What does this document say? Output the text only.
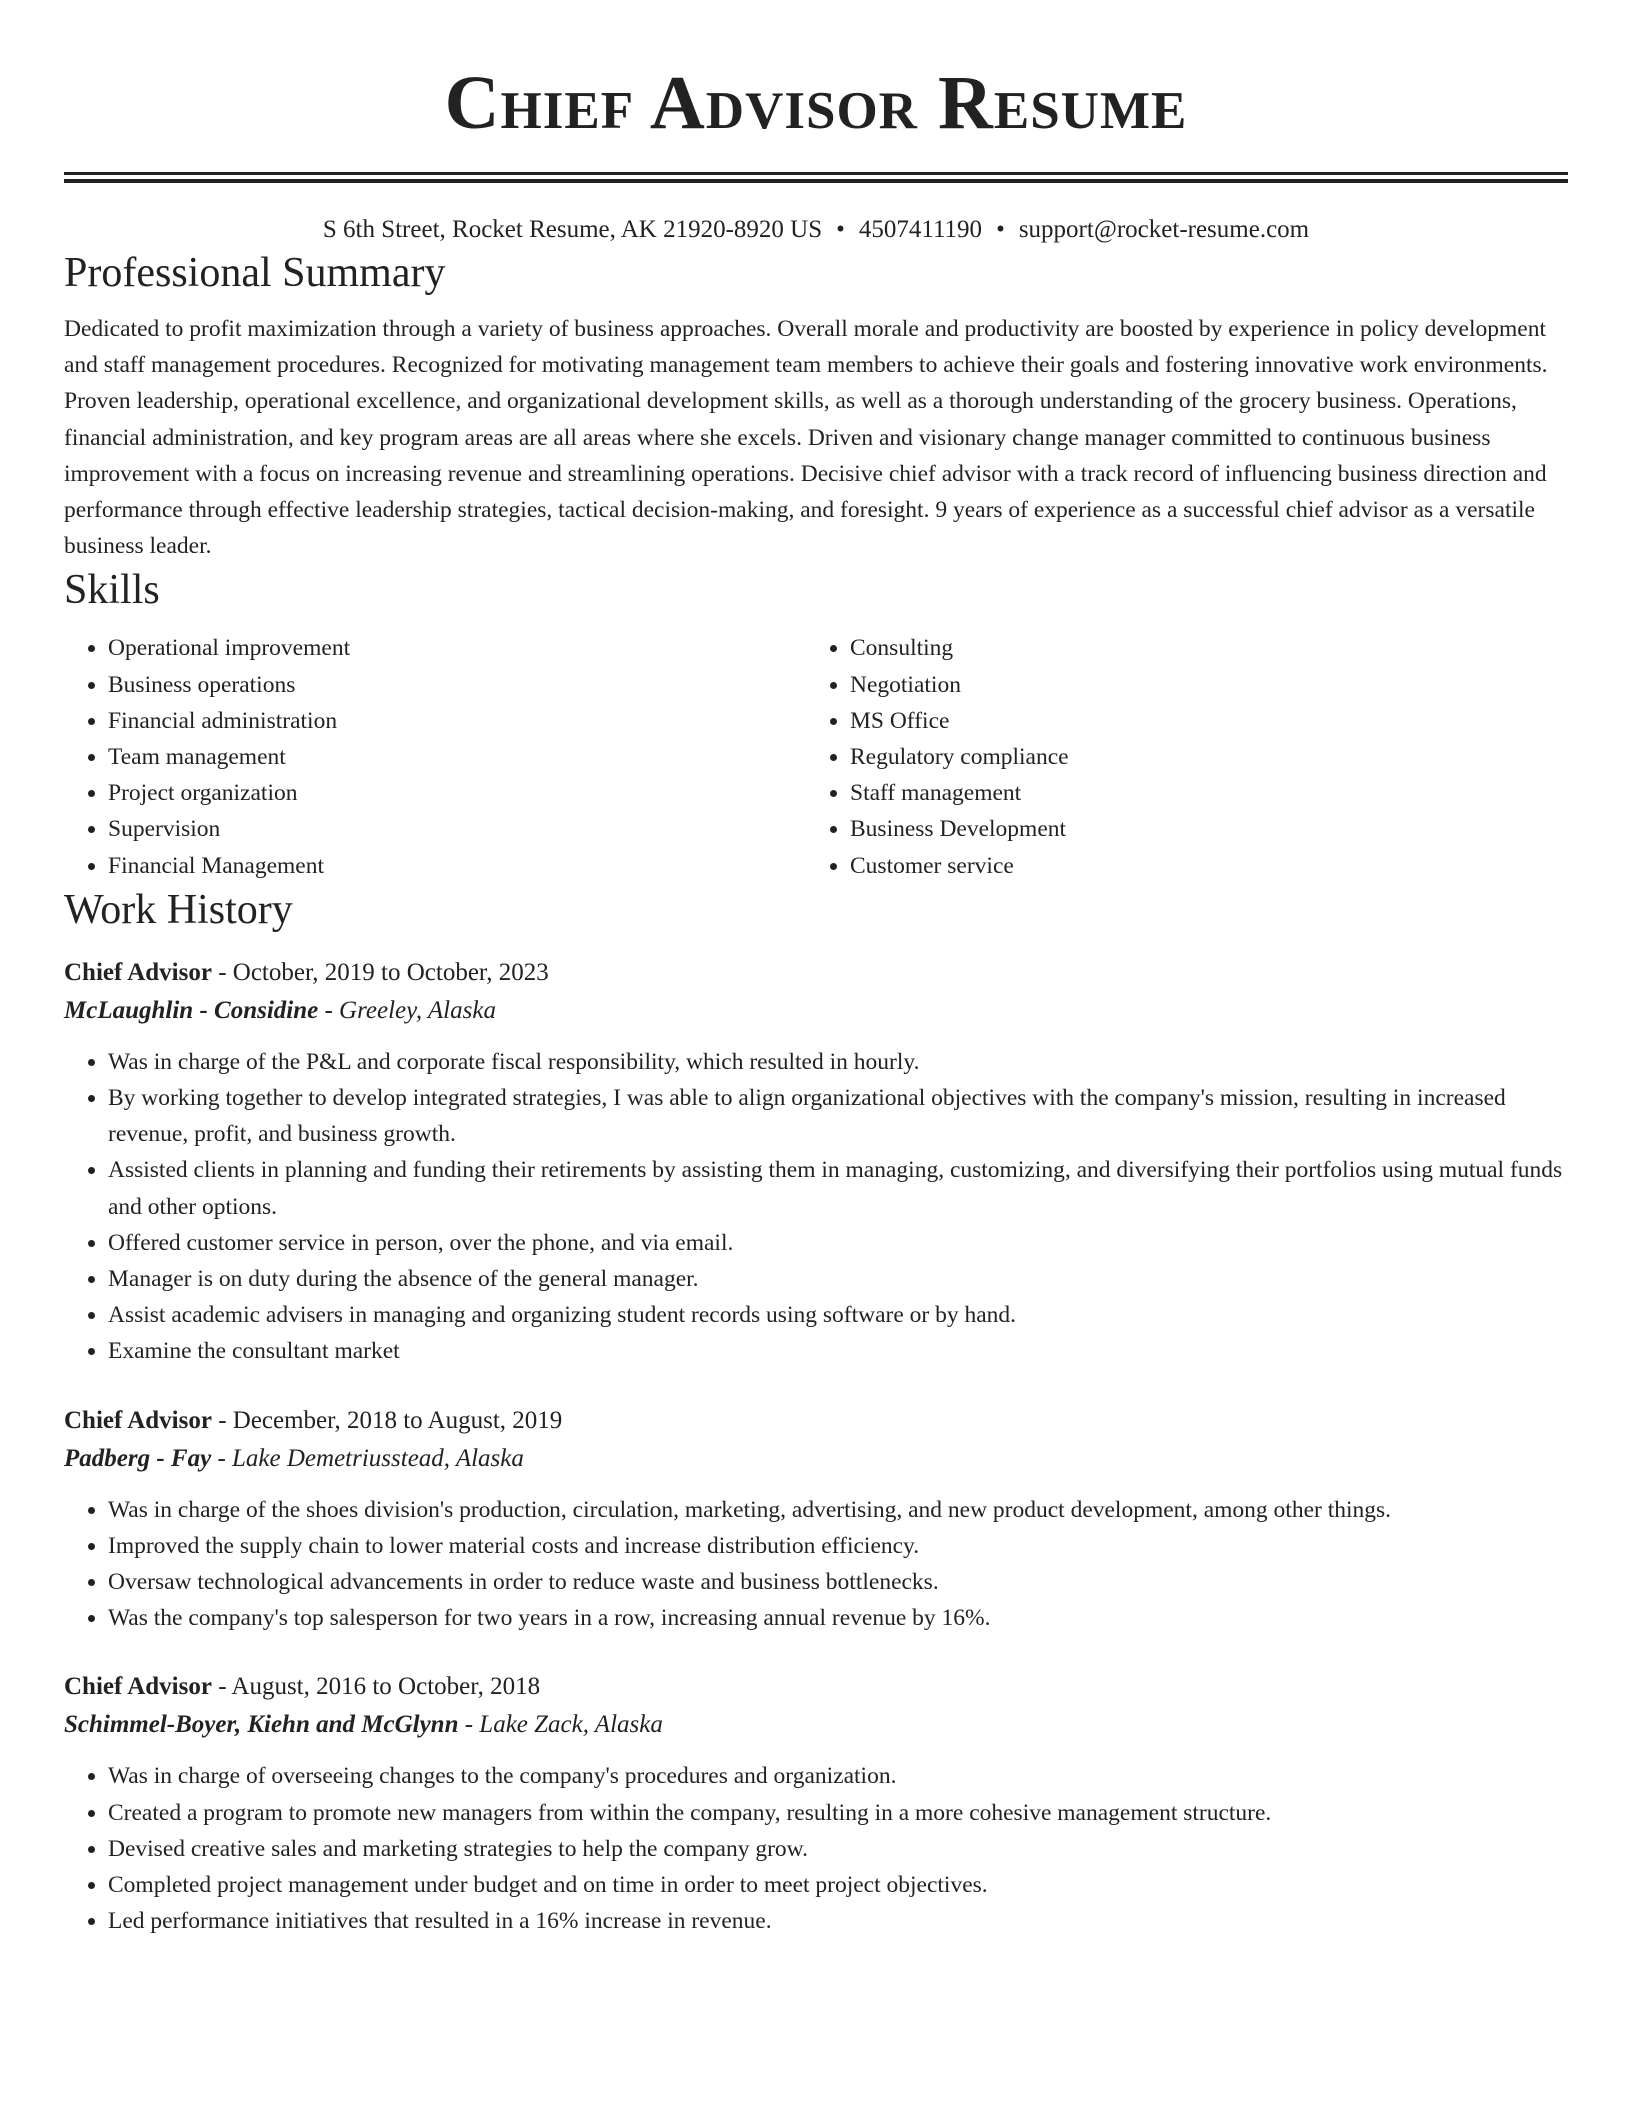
Chief Advisor Resume
S 6th Street, Rocket Resume, AK 21920-8920 US • 4507411190 • support@rocket-resume.com
Professional Summary

Dedicated to profit maximization through a variety of business approaches. Overall morale and productivity are boosted by experience in policy development and staff management procedures. Recognized for motivating management team members to achieve their goals and fostering innovative work environments. Proven leadership, operational excellence, and organizational development skills, as well as a thorough understanding of the grocery business. Operations, financial administration, and key program areas are all areas where she excels. Driven and visionary change manager committed to continuous business improvement with a focus on increasing revenue and streamlining operations. Decisive chief advisor with a track record of influencing business direction and performance through effective leadership strategies, tactical decision-making, and foresight. 9 years of experience as a successful chief advisor as a versatile business leader.

Skills
• Operational improvement
• Business operations
• Financial administration
• Team management
• Project organization
• Supervision
• Financial Management
• Consulting
• Negotiation
• MS Office
• Regulatory compliance
• Staff management
• Business Development
• Customer service
Work History
Chief Advisor - October, 2019 to October, 2023
McLaughlin - Considine - Greeley, Alaska
• Was in charge of the P&L and corporate fiscal responsibility, which resulted in hourly.
• By working together to develop integrated strategies, I was able to align organizational objectives with the company's mission, resulting in increased revenue, profit, and business growth.
• Assisted clients in planning and funding their retirements by assisting them in managing, customizing, and diversifying their portfolios using mutual funds and other options.
• Offered customer service in person, over the phone, and via email.
• Manager is on duty during the absence of the general manager.
• Assist academic advisers in managing and organizing student records using software or by hand.
• Examine the consultant market
Chief Advisor - December, 2018 to August, 2019
Padberg - Fay - Lake Demetriusstead, Alaska
• Was in charge of the shoes division's production, circulation, marketing, advertising, and new product development, among other things.
• Improved the supply chain to lower material costs and increase distribution efficiency.
• Oversaw technological advancements in order to reduce waste and business bottlenecks.
• Was the company's top salesperson for two years in a row, increasing annual revenue by 16%.
Chief Advisor - August, 2016 to October, 2018
Schimmel-Boyer, Kiehn and McGlynn - Lake Zack, Alaska
• Was in charge of overseeing changes to the company's procedures and organization.
• Created a program to promote new managers from within the company, resulting in a more cohesive management structure.
• Devised creative sales and marketing strategies to help the company grow.
• Completed project management under budget and on time in order to meet project objectives.
• Led performance initiatives that resulted in a 16% increase in revenue.
